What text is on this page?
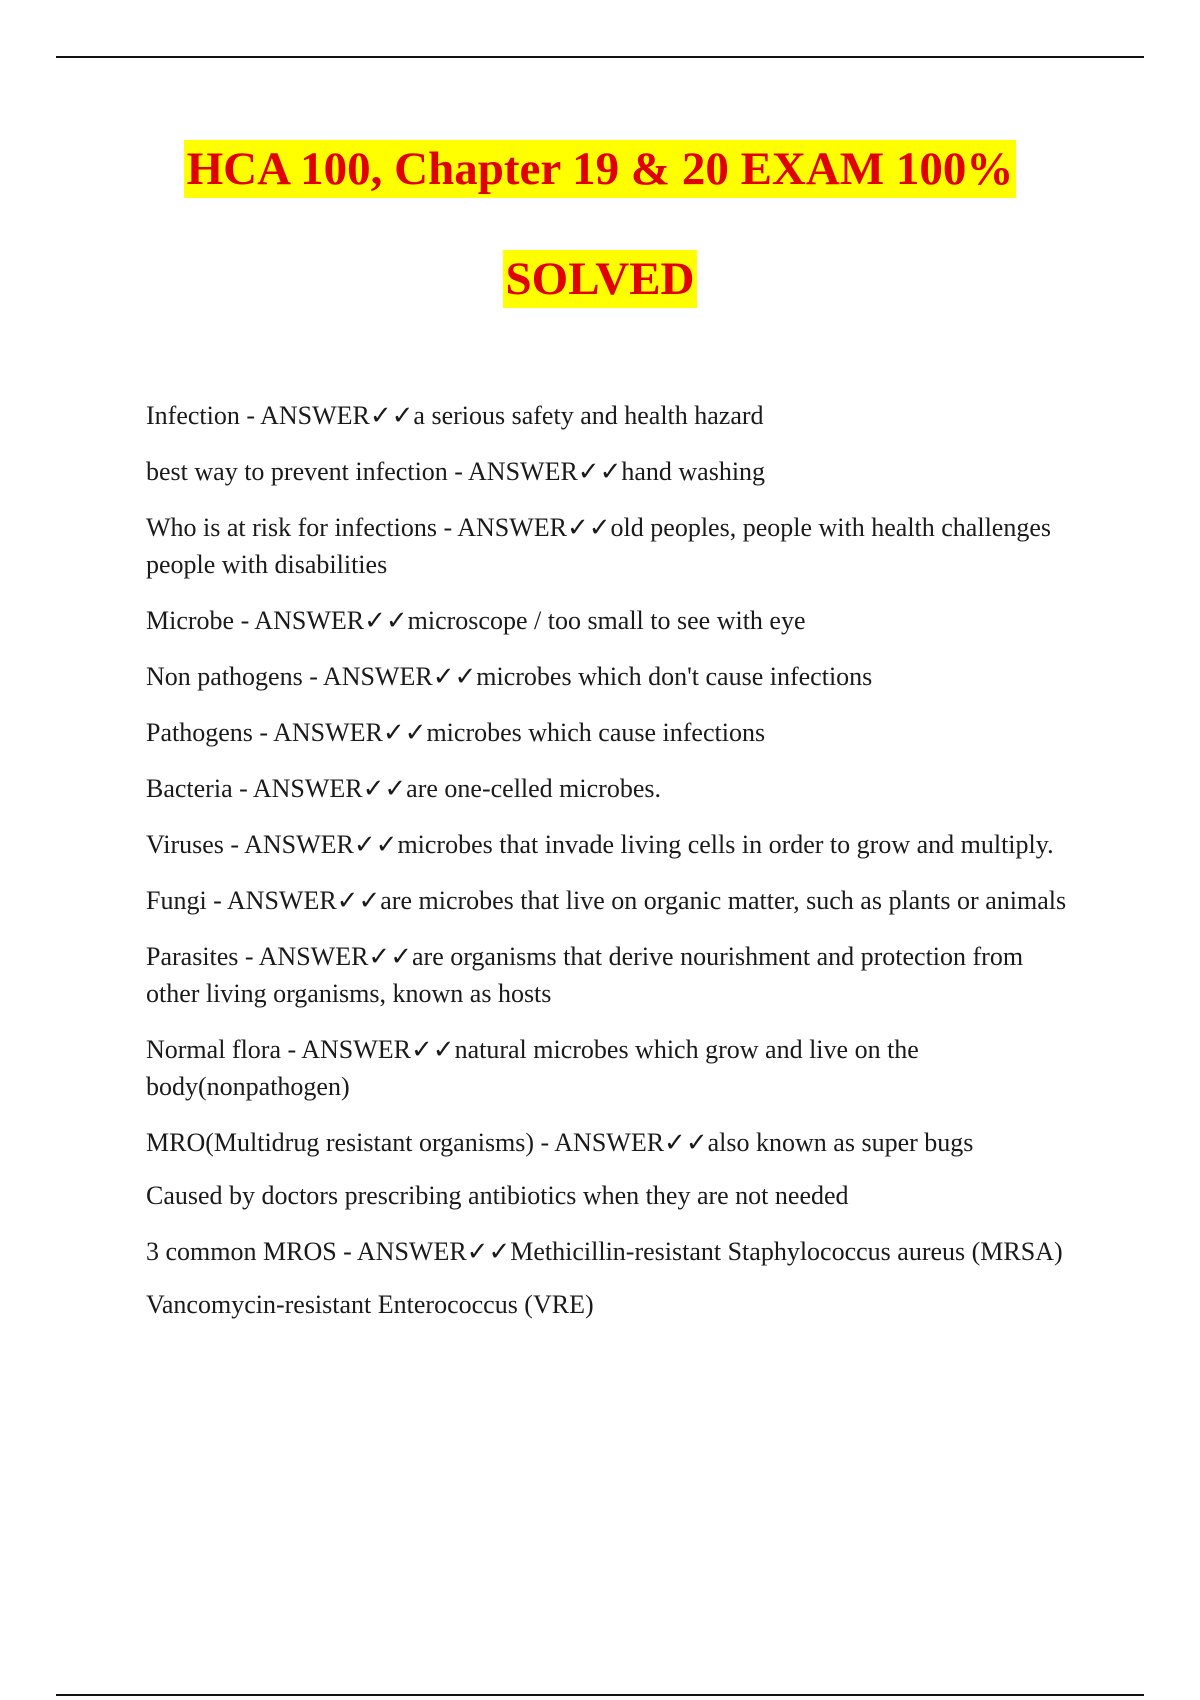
HCA 100, Chapter 19 & 20 EXAM 100%
SOLVED

Infection - ANSWER✓✓a serious safety and health hazard

best way to prevent infection - ANSWER✓✓hand washing

Who is at risk for infections - ANSWER✓✓old peoples, people with health challenges people with disabilities

Microbe - ANSWER✓✓microscope / too small to see with eye

Non pathogens - ANSWER✓✓microbes which don't cause infections

Pathogens - ANSWER✓✓microbes which cause infections

Bacteria - ANSWER✓✓are one-celled microbes.

Viruses - ANSWER✓✓microbes that invade living cells in order to grow and multiply.

Fungi - ANSWER✓✓are microbes that live on organic matter, such as plants or animals

Parasites - ANSWER✓✓are organisms that derive nourishment and protection from other living organisms, known as hosts

Normal flora - ANSWER✓✓natural microbes which grow and live on the body(nonpathogen)

MRO(Multidrug resistant organisms) - ANSWER✓✓also known as super bugs

Caused by doctors prescribing antibiotics when they are not needed

3 common MROS - ANSWER✓✓Methicillin-resistant Staphylococcus aureus (MRSA)

Vancomycin-resistant Enterococcus (VRE)
